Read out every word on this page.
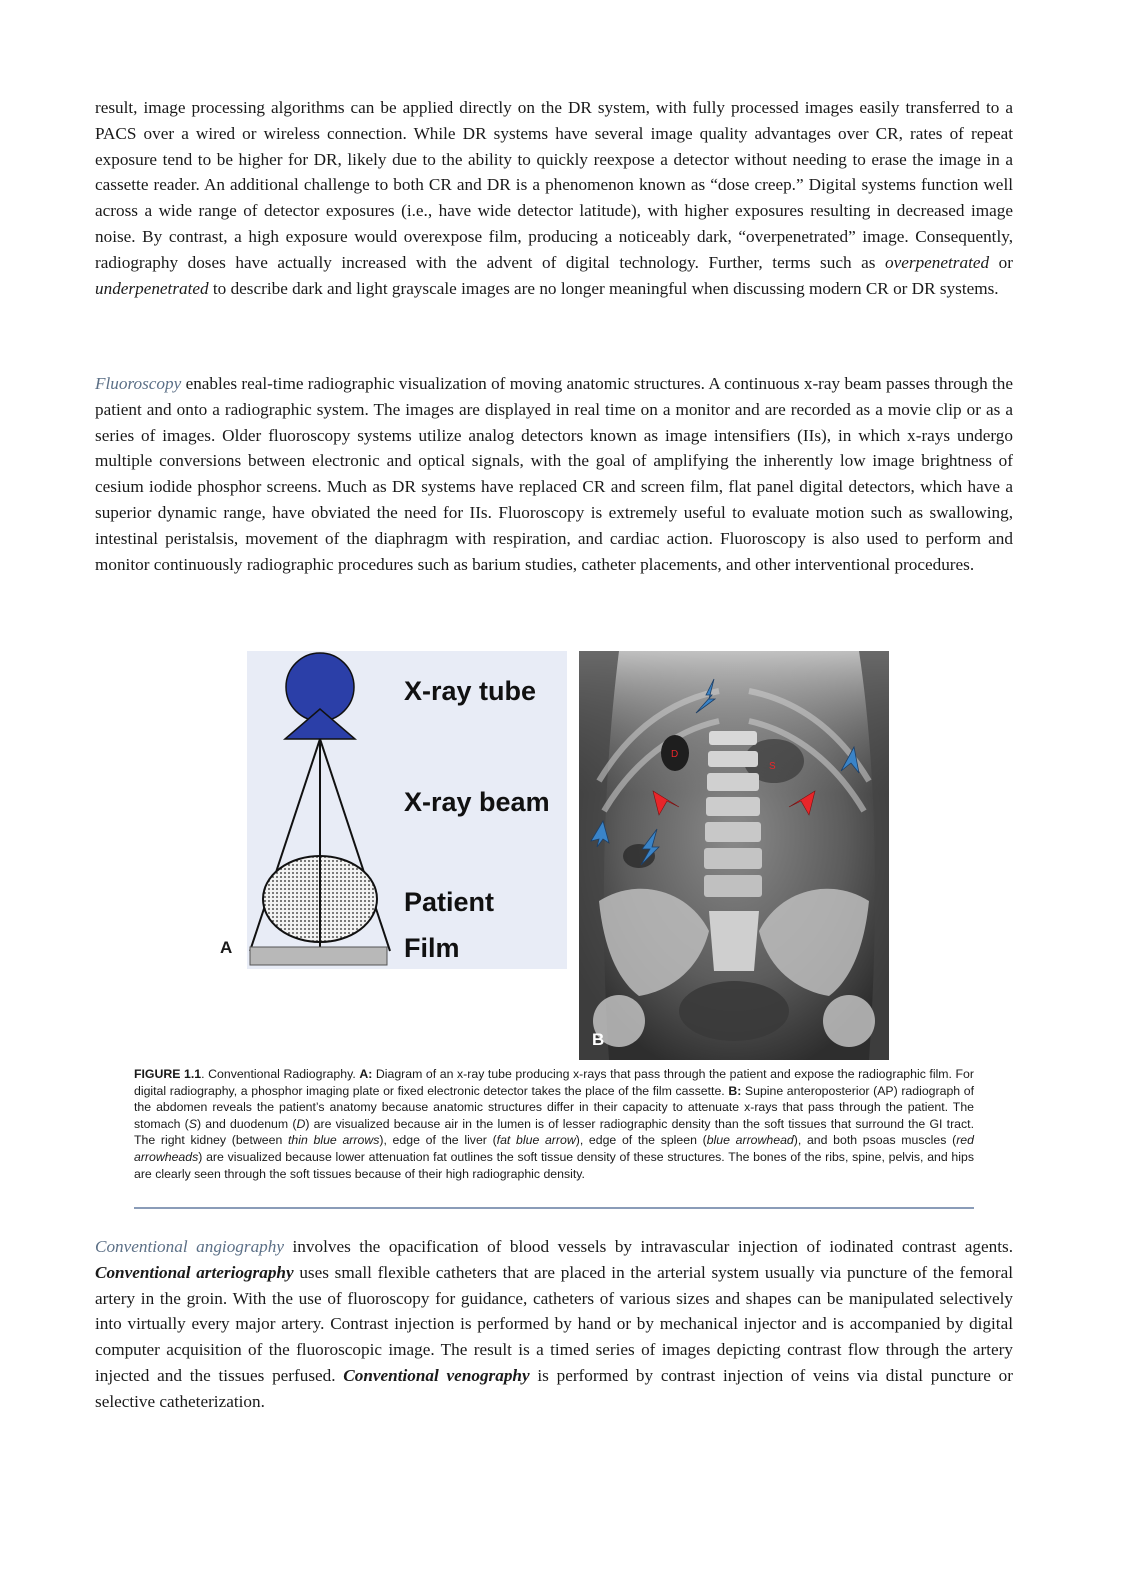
result, image processing algorithms can be applied directly on the DR system, with fully processed images easily transferred to a PACS over a wired or wireless connection. While DR systems have several image quality advantages over CR, rates of repeat exposure tend to be higher for DR, likely due to the ability to quickly reexpose a detector without needing to erase the image in a cassette reader. An additional challenge to both CR and DR is a phenomenon known as “dose creep.” Digital systems function well across a wide range of detector exposures (i.e., have wide detector latitude), with higher exposures resulting in decreased image noise. By contrast, a high exposure would overexpose film, producing a noticeably dark, “overpenetrated” image. Consequently, radiography doses have actually increased with the advent of digital technology. Further, terms such as overpenetrated or underpenetrated to describe dark and light grayscale images are no longer meaningful when discussing modern CR or DR systems.

Fluoroscopy enables real-time radiographic visualization of moving anatomic structures. A continuous x-ray beam passes through the patient and onto a radiographic system. The images are displayed in real time on a monitor and are recorded as a movie clip or as a series of images. Older fluoroscopy systems utilize analog detectors known as image intensifiers (IIs), in which x-rays undergo multiple conversions between electronic and optical signals, with the goal of amplifying the inherently low image brightness of cesium iodide phosphor screens. Much as DR systems have replaced CR and screen film, flat panel digital detectors, which have a superior dynamic range, have obviated the need for IIs. Fluoroscopy is extremely useful to evaluate motion such as swallowing, intestinal peristalsis, movement of the diaphragm with respiration, and cardiac action. Fluoroscopy is also used to perform and monitor continuously radiographic procedures such as barium studies, catheter placements, and other interventional procedures.

X-ray tube
X-ray beam
Patient
Film
A
D
S
B

FIGURE 1.1. Conventional Radiography. A: Diagram of an x-ray tube producing x-rays that pass through the patient and expose the radiographic film. For digital radiography, a phosphor imaging plate or fixed electronic detector takes the place of the film cassette. B: Supine anteroposterior (AP) radiograph of the abdomen reveals the patient’s anatomy because anatomic structures differ in their capacity to attenuate x-rays that pass through the patient. The stomach (S) and duodenum (D) are visualized because air in the lumen is of lesser radiographic density than the soft tissues that surround the GI tract. The right kidney (between thin blue arrows), edge of the liver (fat blue arrow), edge of the spleen (blue arrowhead), and both psoas muscles (red arrowheads) are visualized because lower attenuation fat outlines the soft tissue density of these structures. The bones of the ribs, spine, pelvis, and hips are clearly seen through the soft tissues because of their high radiographic density.

Conventional angiography involves the opacification of blood vessels by intravascular injection of iodinated contrast agents. Conventional arteriography uses small flexible catheters that are placed in the arterial system usually via puncture of the femoral artery in the groin. With the use of fluoroscopy for guidance, catheters of various sizes and shapes can be manipulated selectively into virtually every major artery. Contrast injection is performed by hand or by mechanical injector and is accompanied by digital computer acquisition of the fluoroscopic image. The result is a timed series of images depicting contrast flow through the artery injected and the tissues perfused. Conventional venography is performed by contrast injection of veins via distal puncture or selective catheterization.
